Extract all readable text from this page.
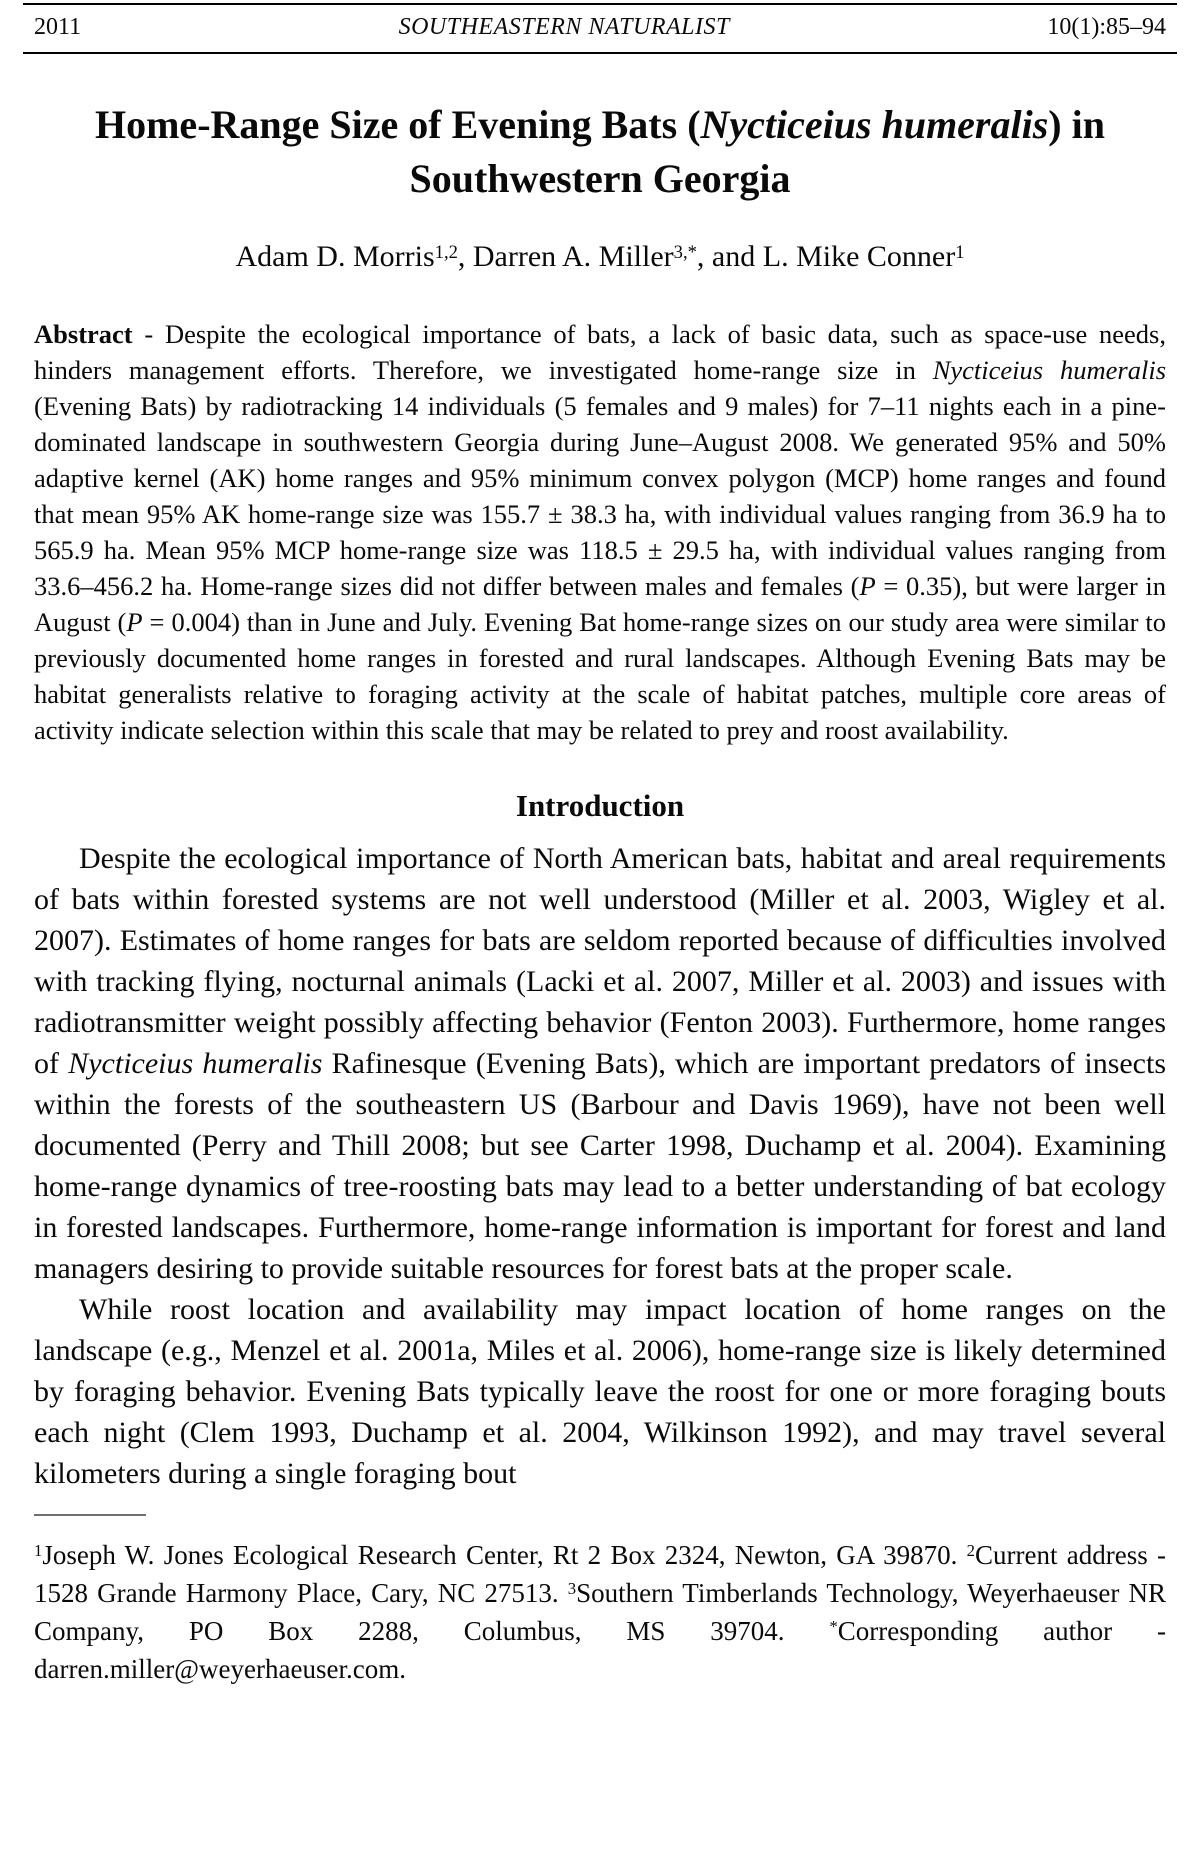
2011	SOUTHEASTERN NATURALIST	10(1):85–94
Home-Range Size of Evening Bats (Nycticeius humeralis) in
Southwestern Georgia
Adam D. Morris$^{1,2}$, Darren A. Miller$^{3,*}$, and L. Mike Conner$^1$

Abstract - Despite the ecological importance of bats, a lack of basic data, such as space-use needs, hinders management efforts. Therefore, we investigated home-range size in Nycticeius humeralis (Evening Bats) by radiotracking 14 individuals (5 females and 9 males) for 7–11 nights each in a pine-dominated landscape in southwestern Georgia during June–August 2008. We generated 95% and 50% adaptive kernel (AK) home ranges and 95% minimum convex polygon (MCP) home ranges and found that mean 95% AK home-range size was 155.7 ± 38.3 ha, with individual values ranging from 36.9 ha to 565.9 ha. Mean 95% MCP home-range size was 118.5 ± 29.5 ha, with individual values ranging from 33.6–456.2 ha. Home-range sizes did not differ between males and females (P = 0.35), but were larger in August (P = 0.004) than in June and July. Evening Bat home-range sizes on our study area were similar to previously documented home ranges in forested and rural landscapes. Although Evening Bats may be habitat generalists relative to foraging activity at the scale of habitat patches, multiple core areas of activity indicate selection within this scale that may be related to prey and roost availability.

Introduction

Despite the ecological importance of North American bats, habitat and areal requirements of bats within forested systems are not well understood (Miller et al. 2003, Wigley et al. 2007). Estimates of home ranges for bats are seldom reported because of difficulties involved with tracking flying, nocturnal animals (Lacki et al. 2007, Miller et al. 2003) and issues with radiotransmitter weight possibly affecting behavior (Fenton 2003). Furthermore, home ranges of Nycticeius humeralis Rafinesque (Evening Bats), which are important predators of insects within the forests of the southeastern US (Barbour and Davis 1969), have not been well documented (Perry and Thill 2008; but see Carter 1998, Duchamp et al. 2004). Examining home-range dynamics of tree-roosting bats may lead to a better understanding of bat ecology in forested landscapes. Furthermore, home-range information is important for forest and land managers desiring to provide suitable resources for forest bats at the proper scale.

While roost location and availability may impact location of home ranges on the landscape (e.g., Menzel et al. 2001a, Miles et al. 2006), home-range size is likely determined by foraging behavior. Evening Bats typically leave the roost for one or more foraging bouts each night (Clem 1993, Duchamp et al. 2004, Wilkinson 1992), and may travel several kilometers during a single foraging bout

$^1$Joseph W. Jones Ecological Research Center, Rt 2 Box 2324, Newton, GA 39870. $^2$Current address - 1528 Grande Harmony Place, Cary, NC 27513. $^3$Southern Timberlands Technology, Weyerhaeuser NR Company, PO Box 2288, Columbus, MS 39704. *Corresponding author - darren.miller@weyerhaeuser.com.
